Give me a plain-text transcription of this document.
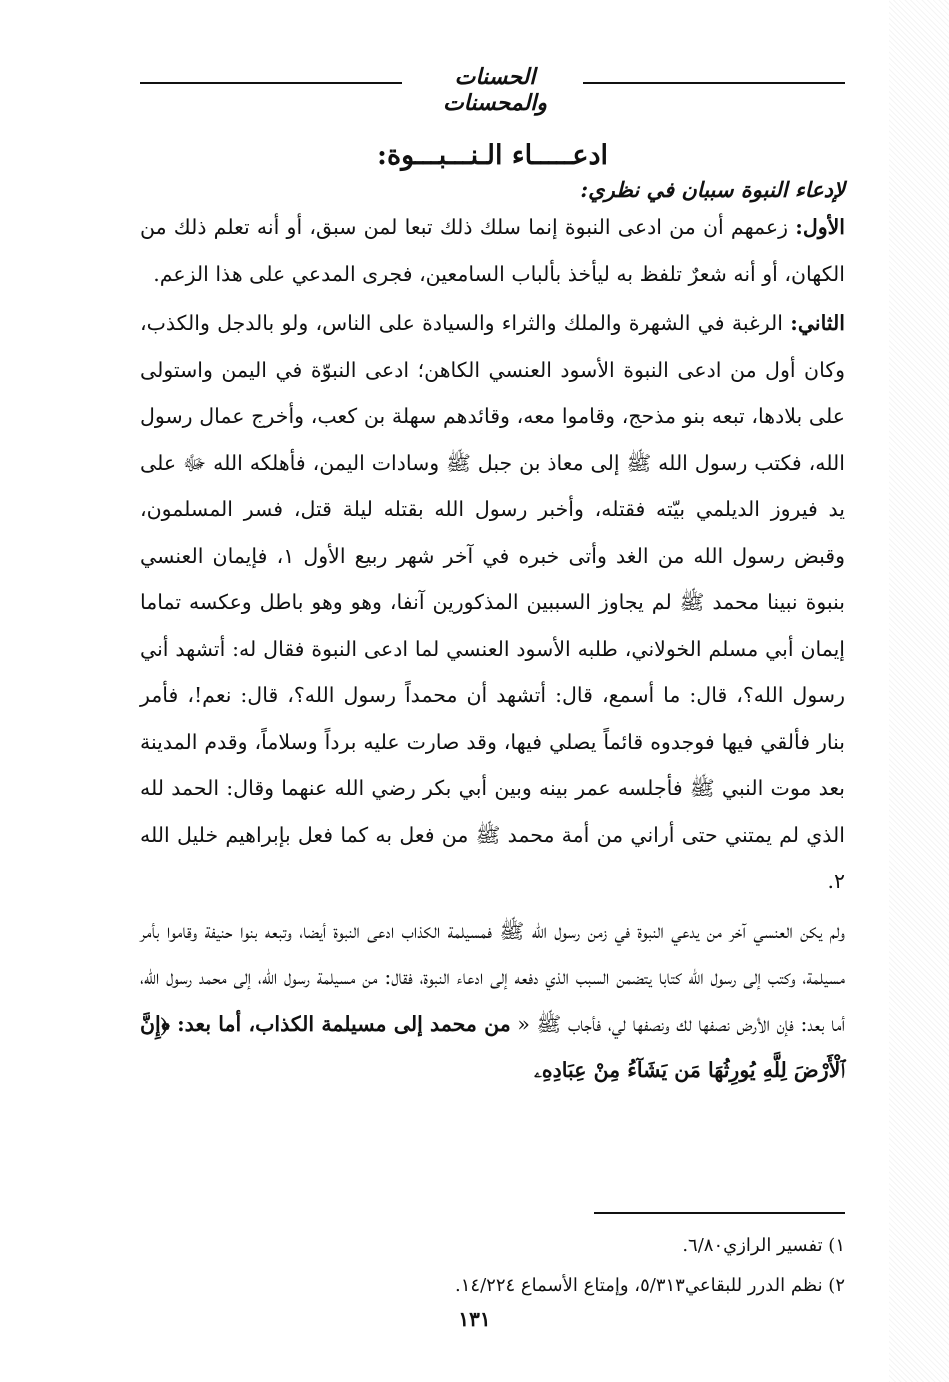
الحسنات والمحسنات
ادعـــــاء الـنـــبـــوة:
لإدعاء النبوة سببان في نظري:

الأول: زعمهم أن من ادعى النبوة إنما سلك ذلك تبعا لمن سبق، أو أنه تعلم ذلك من الكهان، أو أنه شعرٌ تلفظ به ليأخذ بألباب السامعين، فجرى المدعي على هذا الزعم.

الثاني: الرغبة في الشهرة والملك والثراء والسيادة على الناس، ولو بالدجل والكذب، وكان أول من ادعى النبوة الأسود العنسي الكاهن؛ ادعى النبوّة في اليمن واستولى على بلادها، تبعه بنو مذحج، وقاموا معه، وقائدهم سهلة بن كعب، وأخرج عمال رسول الله، فكتب رسول الله ﷺ إلى معاذ بن جبل ﷺ وسادات اليمن، فأهلكه الله ﷻ على يد فيروز الديلمي بيّته فقتله، وأخبر رسول الله بقتله ليلة قتل، فسر المسلمون، وقبض رسول الله من الغد وأتى خبره في آخر شهر ربيع الأول ١، فإيمان العنسي بنبوة نبينا محمد ﷺ لم يجاوز السببين المذكورين آنفا، وهو وهو باطل وعكسه تماما إيمان أبي مسلم الخولاني، طلبه الأسود العنسي لما ادعى النبوة فقال له: أتشهد أني رسول الله؟، قال: ما أسمع، قال: أتشهد أن محمداً رسول الله؟، قال: نعم!، فأمر بنار فألقي فيها فوجدوه قائماً يصلي فيها، وقد صارت عليه برداً وسلاماً، وقدم المدينة بعد موت النبي ﷺ فأجلسه عمر بينه وبين أبي بكر رضي الله عنهما وقال: الحمد لله الذي لم يمتني حتى أراني من أمة محمد ﷺ من فعل به كما فعل بإبراهيم خليل الله ٢.

ولم يكن العنسي آخر من يدعي النبوة في زمن رسول الله ﷺ فمسيلمة الكذاب ادعى النبوة أيضا، وتبعه بنوا حنيفة وقاموا بأمر مسيلمة، وكتب إلى رسول الله كتابا يتضمن السبب الذي دفعه إلى ادعاء النبوة، فقال: من مسيلمة رسول الله، إلى محمد رسول الله، أما بعد: فإن الأرض نصفها لك ونصفها لي، فأجاب ﷺ « من محمد إلى مسيلمة الكذاب، أما بعد: ﴿إِنَّ ٱلْأَرْضَ لِلَّهِ يُورِثُهَا مَن يَشَآءُ مِنْ عِبَادِهِۦ

١) تفسير الرازي٦/٨٠.

٢) نظم الدرر للبقاعي٥/٣١٣، وإمتاع الأسماع ١٤/٢٢٤.

١٣١
